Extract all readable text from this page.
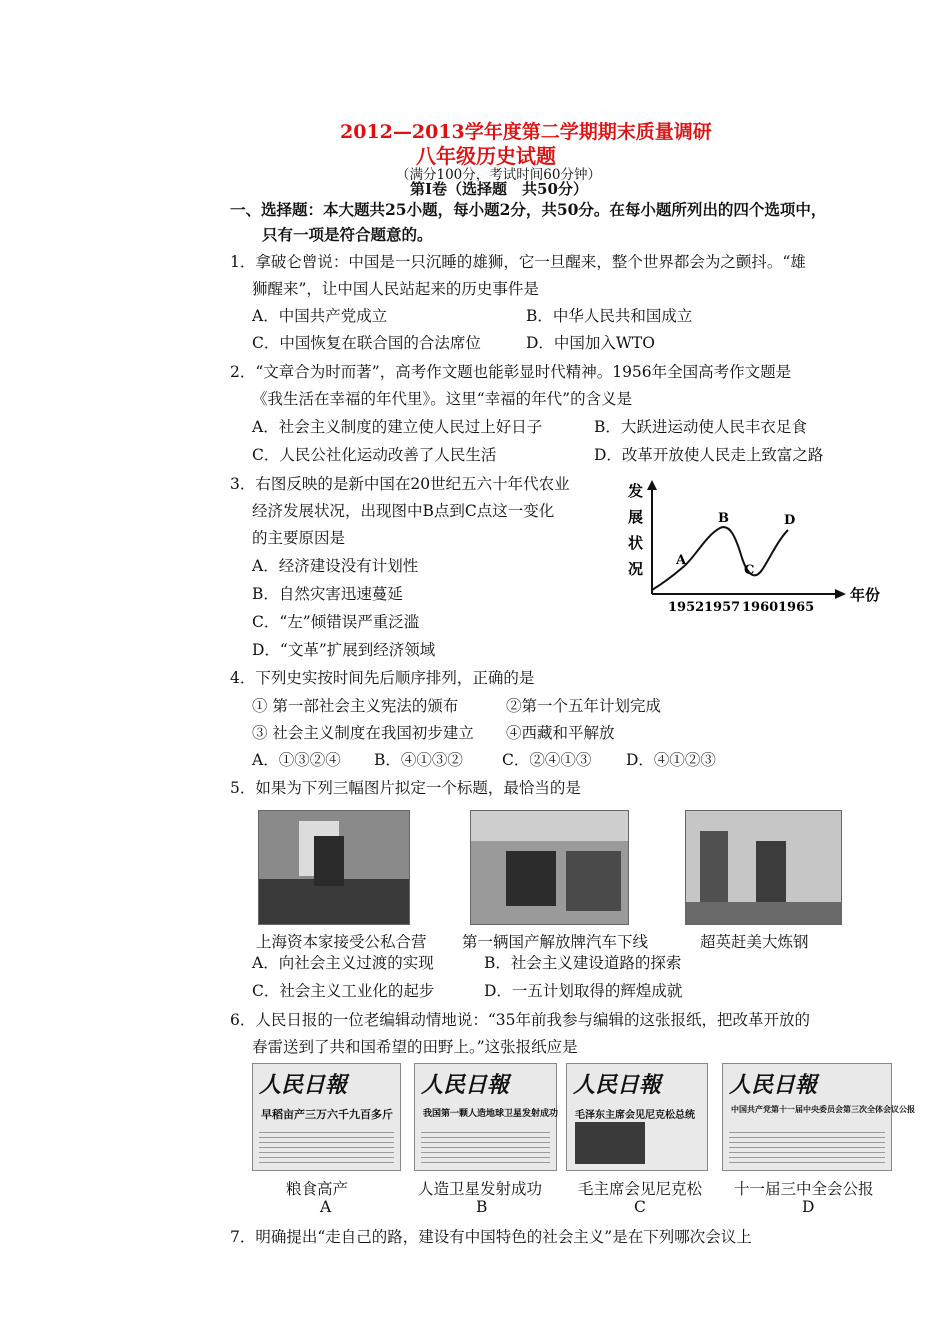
2012—2013学年度第二学期期末质量调研
八年级历史试题
（满分100分，考试时间60分钟）
第Ⅰ卷（选择题　共50分）
一、选择题：本大题共25小题，每小题2分，共50分。在每小题所列出的四个选项中，
只有一项是符合题意的。
1．拿破仑曾说：中国是一只沉睡的雄狮，它一旦醒来，整个世界都会为之颤抖。“雄
狮醒来”，让中国人民站起来的历史事件是
A．中国共产党成立	B．中华人民共和国成立
C．中国恢复在联合国的合法席位	D．中国加入WTO
2．“文章合为时而著”，高考作文题也能彰显时代精神。1956年全国高考作文题是
《我生活在幸福的年代里》。这里“幸福的年代”的含义是
A．社会主义制度的建立使人民过上好日子	B．大跃进运动使人民丰衣足食
C．人民公社化运动改善了人民生活	D．改革开放使人民走上致富之路
3．右图反映的是新中国在20世纪五六十年代农业
经济发展状况，出现图中B点到C点这一变化
的主要原因是
A．经济建设没有计划性
B．自然灾害迅速蔓延
C．“左”倾错误严重泛滥
D．“文革”扩展到经济领域
发
展
状
况
年份
A
B
C
D
1952 1957 1960 1965
4．下列史实按时间先后顺序排列，正确的是
① 第一部社会主义宪法的颁布	②第一个五年计划完成
③ 社会主义制度在我国初步建立 ④西藏和平解放
A．①③②④ B．④①③②	C．②④①③ D．④①②③
5．如果为下列三幅图片拟定一个标题，最恰当的是
上海资本家接受公私合营 第一辆国产解放牌汽车下线	超英赶美大炼钢
A．向社会主义过渡的实现	B．社会主义建设道路的探索
C．社会主义工业化的起步	D．一五计划取得的辉煌成就
6．人民日报的一位老编辑动情地说：“35年前我参与编辑的这张报纸，把改革开放的
春雷送到了共和国希望的田野上。”这张报纸应是
人民日報
早稻亩产三万六千九百多斤
人民日報
我国第一颗人造地球卫星发射成功
人民日報
毛泽东主席会见尼克松总统
人民日報
中国共产党第十一届中央委员会第三次全体会议公报
粮食高产	人造卫星发射成功 毛主席会见尼克松 十一届三中全会公报
A	B	C	D
7．明确提出“走自己的路，建设有中国特色的社会主义”是在下列哪次会议上
